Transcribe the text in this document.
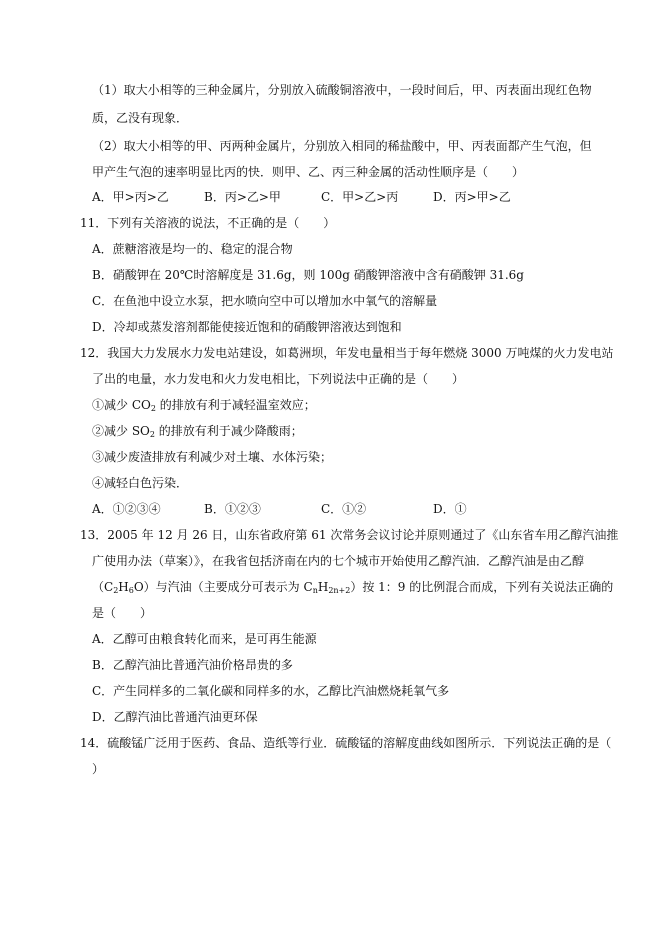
（1）取大小相等的三种金属片，分别放入硫酸铜溶液中，一段时间后，甲、丙表面出现红色物
质，乙没有现象．
（2）取大小相等的甲、丙两种金属片，分别放入相同的稀盐酸中，甲、丙表面都产生气泡，但
甲产生气泡的速率明显比丙的快．则甲、乙、丙三种金属的活动性顺序是（　　）
A．甲>丙>乙	B．丙>乙>甲	C．甲>乙>丙	D．丙>甲>乙
11．下列有关溶液的说法，不正确的是（　　）
A．蔗糖溶液是均一的、稳定的混合物
B．硝酸钾在 20℃时溶解度是 31.6g，则 100g 硝酸钾溶液中含有硝酸钾 31.6g
C．在鱼池中设立水泵，把水喷向空中可以增加水中氧气的溶解量
D．冷却或蒸发溶剂都能使接近饱和的硝酸钾溶液达到饱和
12．我国大力发展水力发电站建设，如葛洲坝，年发电量相当于每年燃烧 3000 万吨煤的火力发电站
了出的电量，水力发电和火力发电相比，下列说法中正确的是（　　）
①减少 $CO_2$ 的排放有利于减轻温室效应；
②减少 $SO_2$ 的排放有利于减少降酸雨；
③减少废渣排放有利减少对土壤、水体污染；
④减轻白色污染．
A．①②③④	B．①②③	C．①②	D．①
13．2005 年 12 月 26 日，山东省政府第 61 次常务会议讨论并原则通过了《山东省车用乙醇汽油推
广使用办法（草案）》，在我省包括济南在内的七个城市开始使用乙醇汽油．乙醇汽油是由乙醇
$(C_2H_6O)$与汽油（主要成分可表示为 $C_nH_{2n+2}$）按 1：9 的比例混合而成，下列有关说法正确的
是（　　）
A．乙醇可由粮食转化而来，是可再生能源
B．乙醇汽油比普通汽油价格昂贵的多
C．产生同样多的二氧化碳和同样多的水，乙醇比汽油燃烧耗氧气多
D．乙醇汽油比普通汽油更环保
14．硫酸锰广泛用于医药、食品、造纸等行业．硫酸锰的溶解度曲线如图所示．下列说法正确的是（
）
